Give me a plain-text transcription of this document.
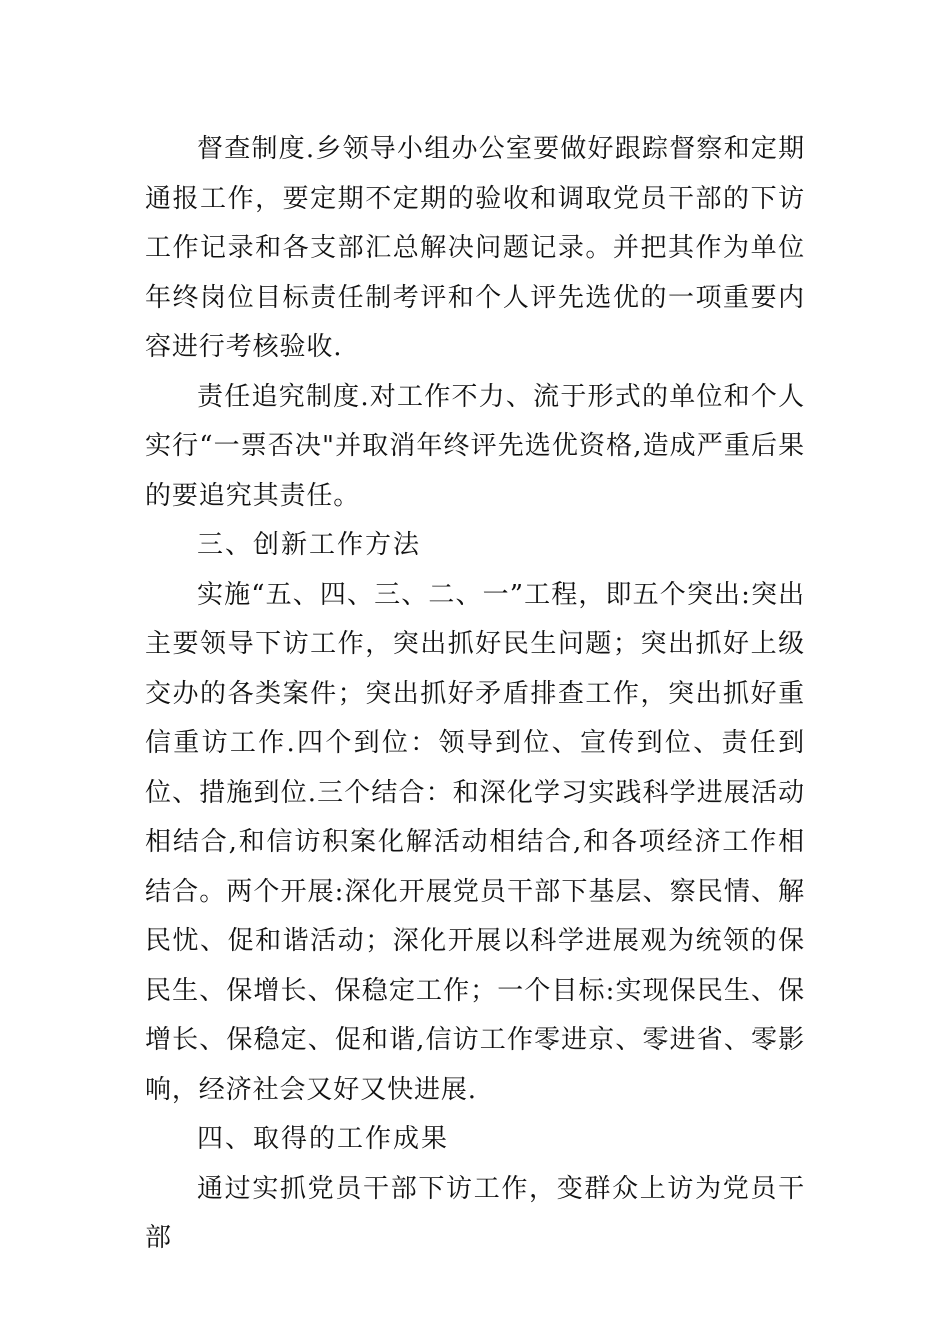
督查制度.乡领导小组办公室要做好跟踪督察和定期通报工作，要定期不定期的验收和调取党员干部的下访工作记录和各支部汇总解决问题记录。并把其作为单位年终岗位目标责任制考评和个人评先选优的一项重要内容进行考核验收.

责任追究制度.对工作不力、流于形式的单位和个人实行“一票否决"并取消年终评先选优资格,造成严重后果的要追究其责任。

三、创新工作方法

实施“五、四、三、二、一”工程，即五个突出:突出主要领导下访工作，突出抓好民生问题；突出抓好上级交办的各类案件；突出抓好矛盾排查工作，突出抓好重信重访工作.四个到位：领导到位、宣传到位、责任到位、措施到位.三个结合：和深化学习实践科学进展活动相结合,和信访积案化解活动相结合,和各项经济工作相结合。两个开展:深化开展党员干部下基层、察民情、解民忧、促和谐活动；深化开展以科学进展观为统领的保民生、保增长、保稳定工作；一个目标:实现保民生、保增长、保稳定、促和谐,信访工作零进京、零进省、零影响，经济社会又好又快进展.

四、取得的工作成果

通过实抓党员干部下访工作，变群众上访为党员干部
